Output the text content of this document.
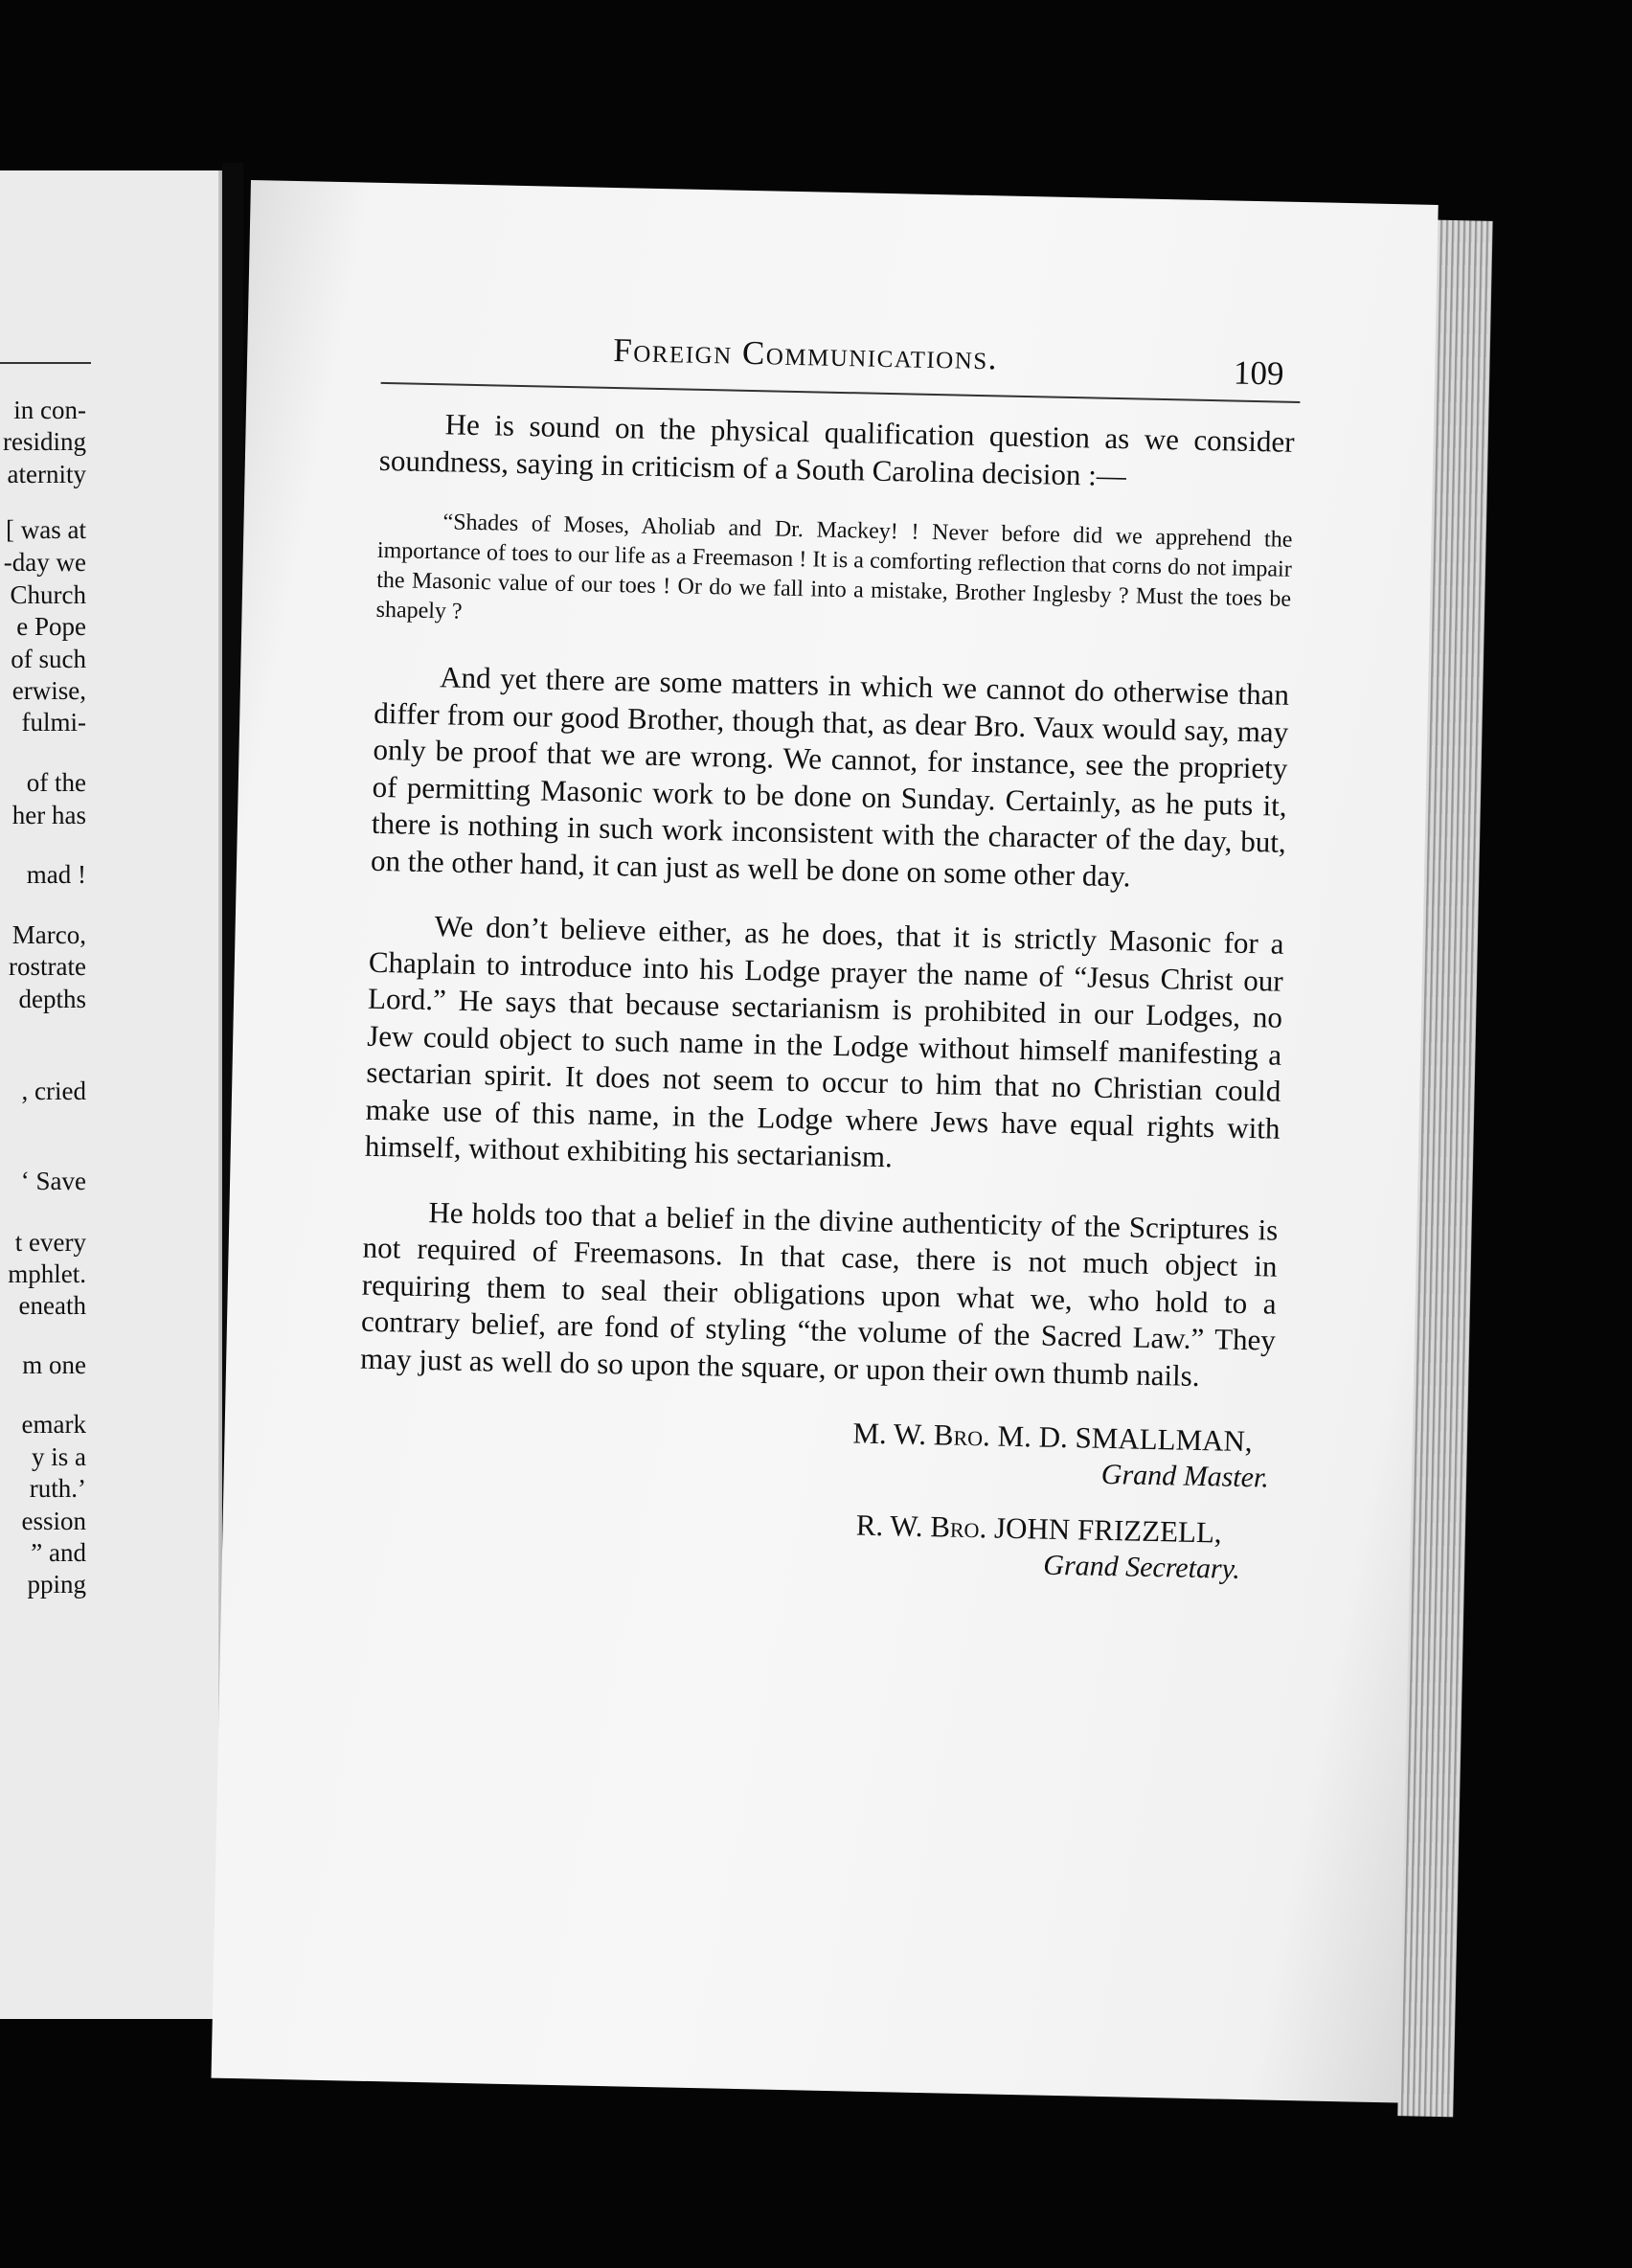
in con-
residing
aternity
[ was at
-day we
Church
e Pope
of such
erwise,
fulmi-
of the
her has
mad !
Marco,
rostrate
depths
, cried
‘ Save
t every
mphlet.
eneath
m one
emark
y is a
ruth.’
ession
” and
pping
Foreign Communications.	109

He is sound on the physical qualification question as we consider soundness, saying in criticism of a South Carolina decision :—

“Shades of Moses, Aholiab and Dr. Mackey! ! Never before did we apprehend the importance of toes to our life as a Freemason ! It is a comforting reflection that corns do not impair the Masonic value of our toes ! Or do we fall into a mistake, Brother Inglesby ? Must the toes be shapely ?

And yet there are some matters in which we cannot do otherwise than differ from our good Brother, though that, as dear Bro. Vaux would say, may only be proof that we are wrong. We cannot, for instance, see the propriety of permitting Masonic work to be done on Sunday. Certainly, as he puts it, there is nothing in such work inconsistent with the character of the day, but, on the other hand, it can just as well be done on some other day.

We don’t believe either, as he does, that it is strictly Masonic for a Chaplain to introduce into his Lodge prayer the name of “Jesus Christ our Lord.” He says that because sectarianism is prohibited in our Lodges, no Jew could object to such name in the Lodge without himself manifesting a sectarian spirit. It does not seem to occur to him that no Christian could make use of this name, in the Lodge where Jews have equal rights with himself, without exhibiting his sectarianism.

He holds too that a belief in the divine authenticity of the Scriptures is not required of Freemasons. In that case, there is not much object in requiring them to seal their obligations upon what we, who hold to a contrary belief, are fond of styling “the volume of the Sacred Law.” They may just as well do so upon the square, or upon their own thumb nails.

M. W. Bro. M. D. SMALLMAN,

Grand Master.

R. W. Bro. JOHN FRIZZELL,

Grand Secretary.
